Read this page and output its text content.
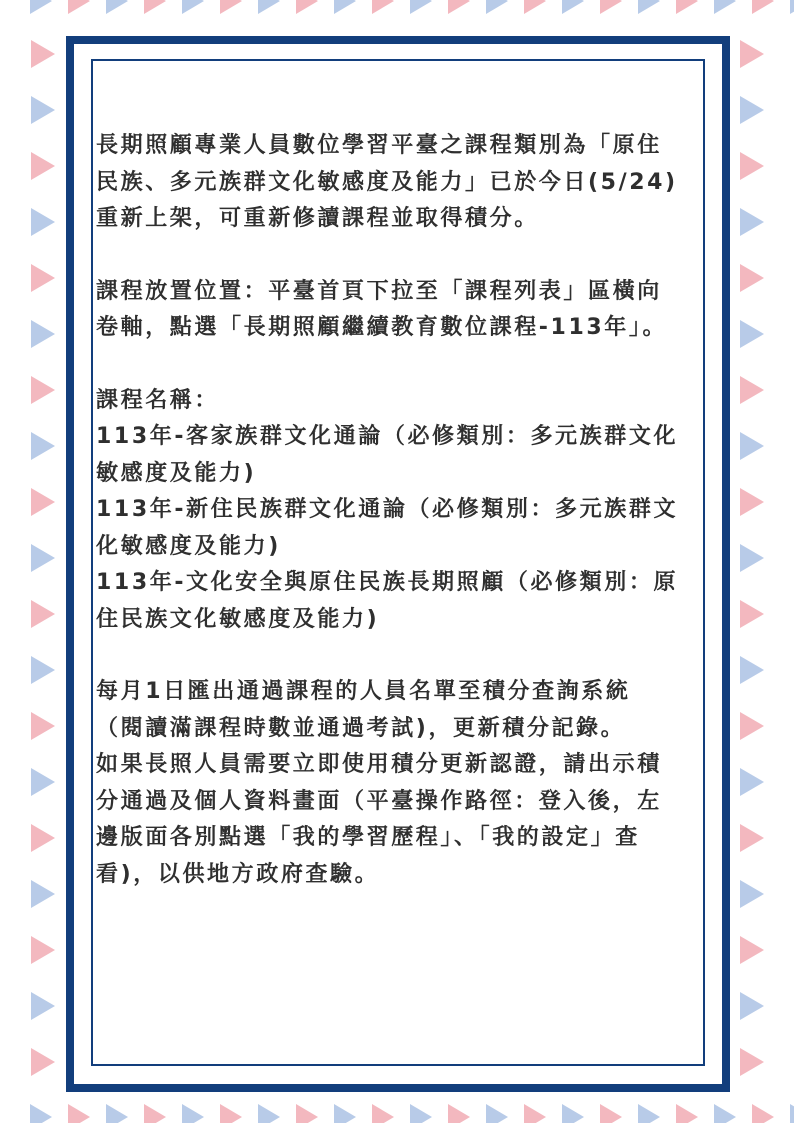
長期照顧專業人員數位學習平臺之課程類別為「原住

民族、多元族群文化敏感度及能力」已於今日(5/24)

重新上架，可重新修讀課程並取得積分。

課程放置位置：平臺首頁下拉至「課程列表」區橫向

卷軸，點選「長期照顧繼續教育數位課程-113年」。

課程名稱：

113年-客家族群文化通論（必修類別：多元族群文化

敏感度及能力)

113年-新住民族群文化通論（必修類別：多元族群文

化敏感度及能力)

113年-文化安全與原住民族長期照顧（必修類別：原

住民族文化敏感度及能力)

每月1日匯出通過課程的人員名單至積分查詢系統

（閱讀滿課程時數並通過考試)，更新積分記錄。

如果長照人員需要立即使用積分更新認證，請出示積

分通過及個人資料畫面（平臺操作路徑：登入後，左

邊版面各別點選「我的學習歷程」、「我的設定」查

看)，以供地方政府查驗。
